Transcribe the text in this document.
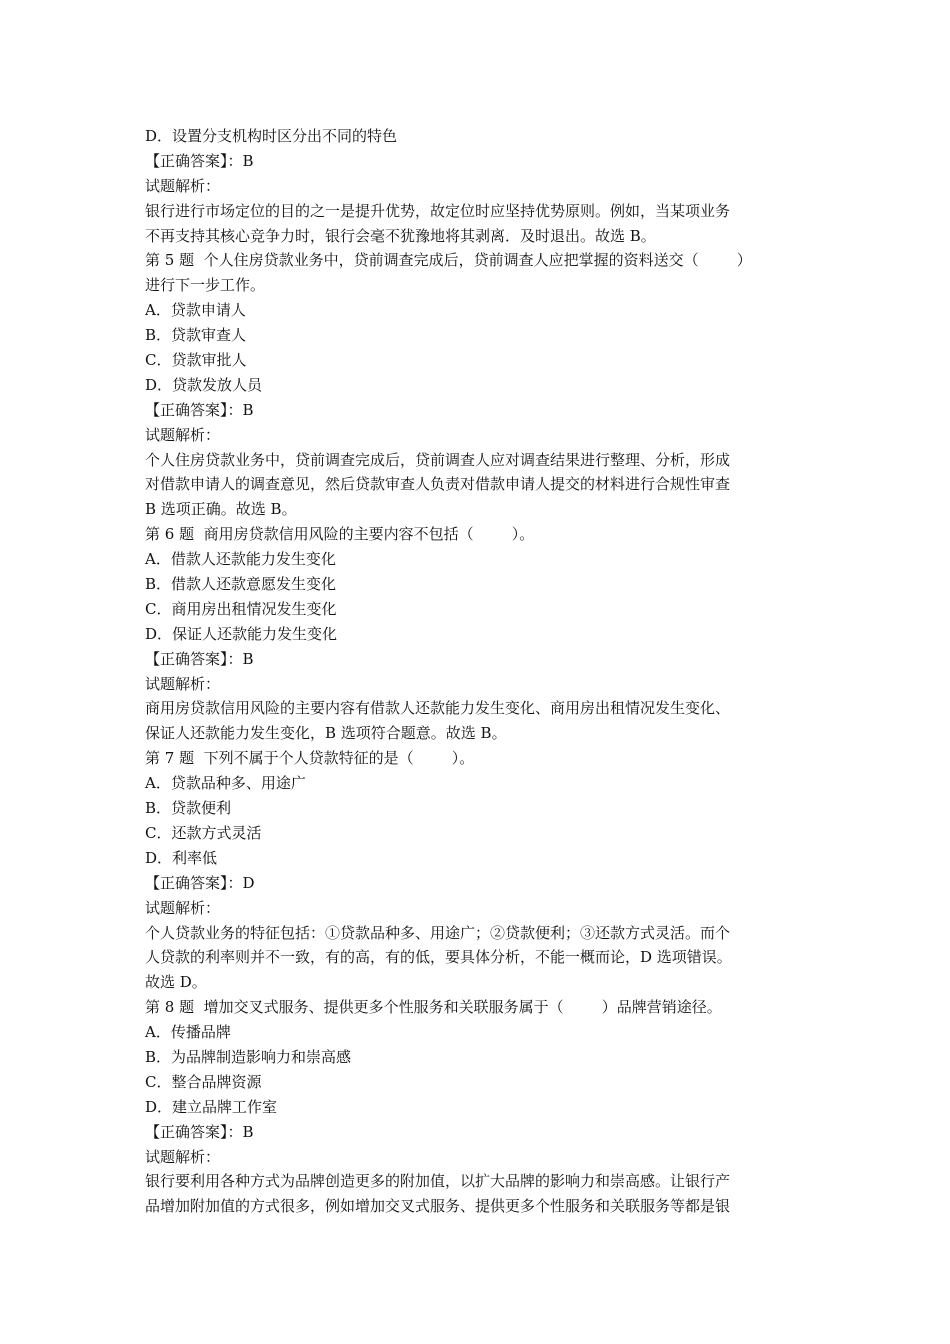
D．设置分支机构时区分出不同的特色
【正确答案】：B
试题解析：
银行进行市场定位的目的之一是提升优势，故定位时应坚持优势原则。例如，当某项业务
不再支持其核心竞争力时，银行会毫不犹豫地将其剥离．及时退出。故选 B。
第 5 题  个人住房贷款业务中，贷前调查完成后，贷前调查人应把掌握的资料送交（        ）
进行下一步工作。
A．贷款申请人
B．贷款审查人
C．贷款审批人
D．贷款发放人员
【正确答案】：B
试题解析：
个人住房贷款业务中，贷前调查完成后，贷前调查人应对调查结果进行整理、分析，形成
对借款申请人的调查意见，然后贷款审查人负责对借款申请人提交的材料进行合规性审查
B 选项正确。故选 B。
第 6 题  商用房贷款信用风险的主要内容不包括（        ）。
A．借款人还款能力发生变化
B．借款人还款意愿发生变化
C．商用房出租情况发生变化
D．保证人还款能力发生变化
【正确答案】：B
试题解析：
商用房贷款信用风险的主要内容有借款人还款能力发生变化、商用房出租情况发生变化、
保证人还款能力发生变化，B 选项符合题意。故选 B。
第 7 题  下列不属于个人贷款特征的是（        ）。
A．贷款品种多、用途广
B．贷款便利
C．还款方式灵活
D．利率低
【正确答案】：D
试题解析：
个人贷款业务的特征包括：①贷款品种多、用途广；②贷款便利；③还款方式灵活。而个
人贷款的利率则并不一致，有的高，有的低，要具体分析，不能一概而论，D 选项错误。
故选 D。
第 8 题  增加交叉式服务、提供更多个性服务和关联服务属于（        ）品牌营销途径。
A．传播品牌
B．为品牌制造影响力和崇高感
C．整合品牌资源
D．建立品牌工作室
【正确答案】：B
试题解析：
银行要利用各种方式为品牌创造更多的附加值，以扩大品牌的影响力和崇高感。让银行产
品增加附加值的方式很多，例如增加交叉式服务、提供更多个性服务和关联服务等都是银
